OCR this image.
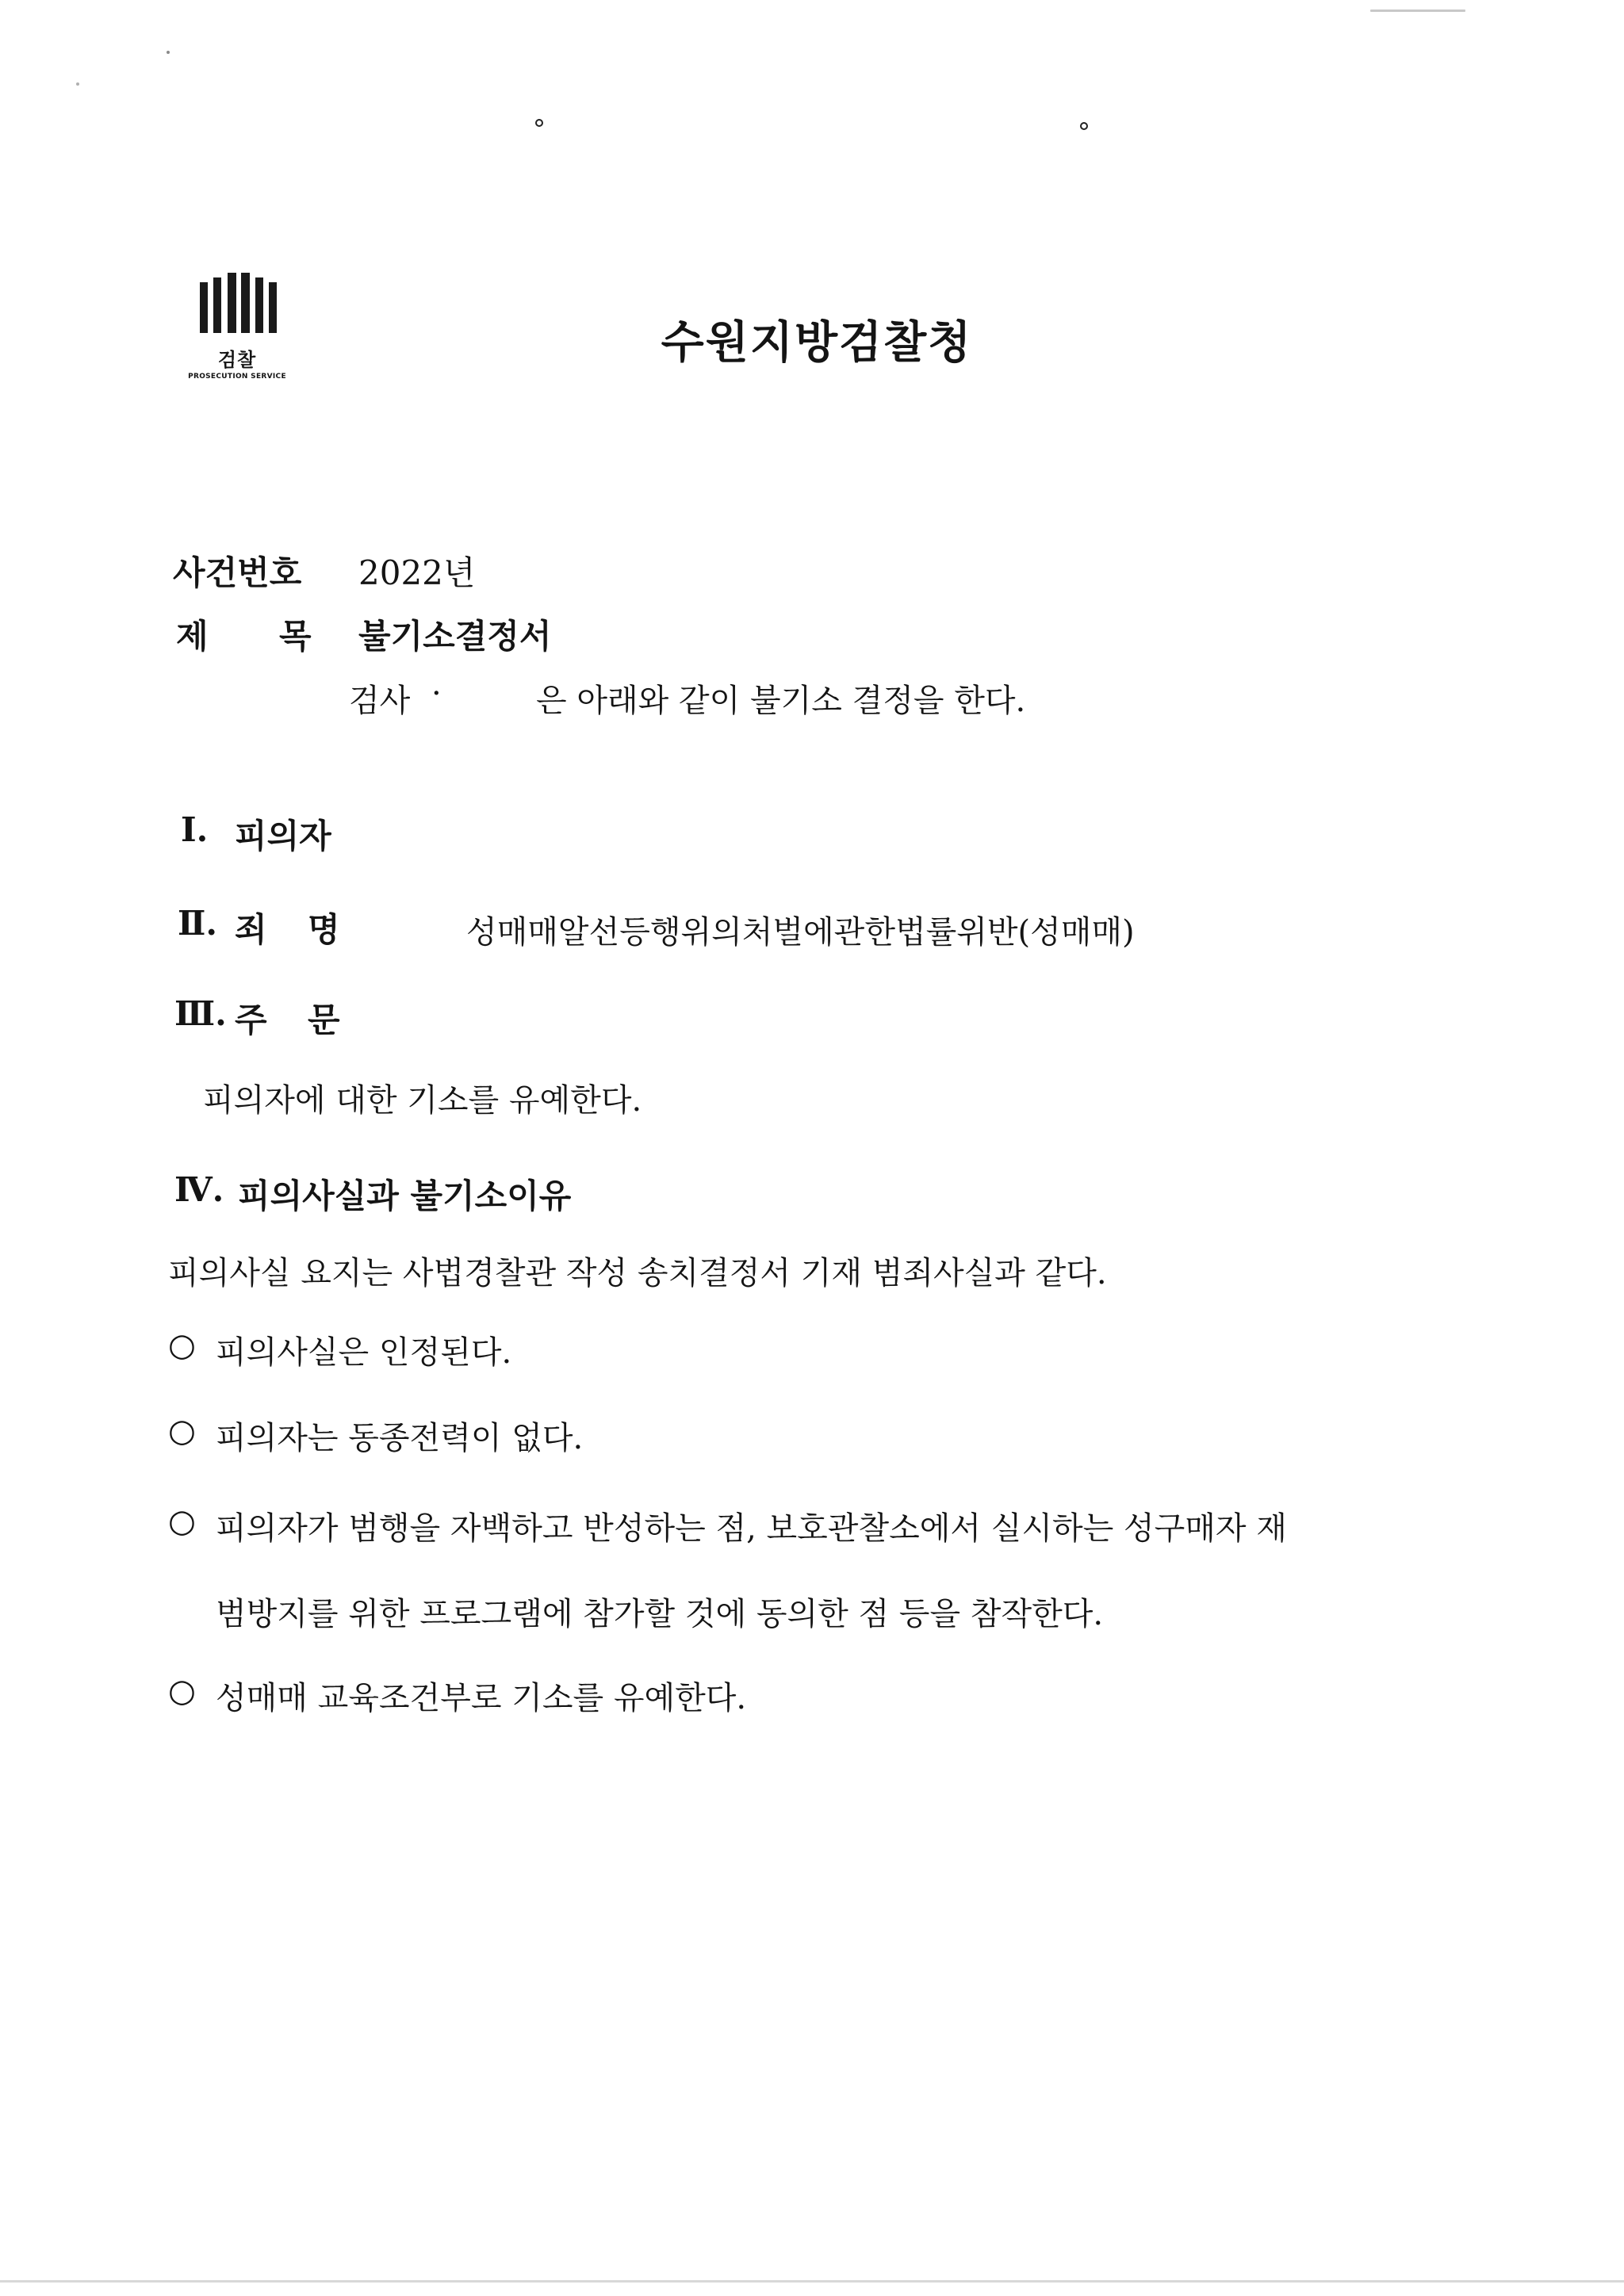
검찰
PROSECUTION SERVICE
수원지방검찰청
사건번호 2022년
제 목 불기소결정서
검사 ·	은 아래와 같이 불기소 결정을 한다.
Ⅰ. 피의자
Ⅱ. 죄 명	성매매알선등행위의처벌에관한법률위반(성매매)
Ⅲ. 주 문
피의자에 대한 기소를 유예한다.
Ⅳ. 피의사실과 불기소이유
피의사실 요지는 사법경찰관 작성 송치결정서 기재 범죄사실과 같다.
○ 피의사실은 인정된다.
○ 피의자는 동종전력이 없다.
○ 피의자가 범행을 자백하고 반성하는 점, 보호관찰소에서 실시하는 성구매자 재
범방지를 위한 프로그램에 참가할 것에 동의한 점 등을 참작한다.
○ 성매매 교육조건부로 기소를 유예한다.
